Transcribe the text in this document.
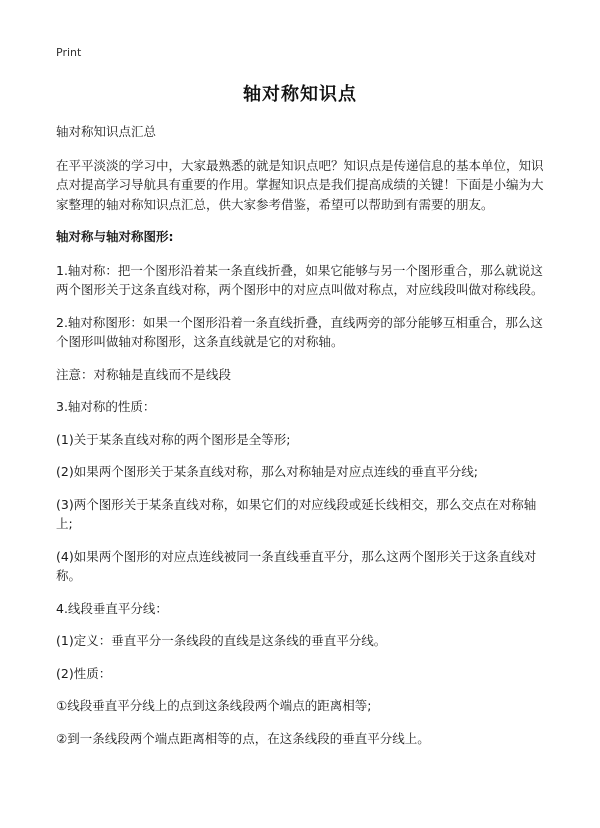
Print
轴对称知识点

轴对称知识点汇总

在平平淡淡的学习中，大家最熟悉的就是知识点吧？知识点是传递信息的基本单位，知识点对提高学习导航具有重要的作用。掌握知识点是我们提高成绩的关键！下面是小编为大家整理的轴对称知识点汇总，供大家参考借鉴，希望可以帮助到有需要的朋友。

轴对称与轴对称图形:

1.轴对称：把一个图形沿着某一条直线折叠，如果它能够与另一个图形重合，那么就说这两个图形关于这条直线对称，两个图形中的对应点叫做对称点，对应线段叫做对称线段。

2.轴对称图形：如果一个图形沿着一条直线折叠，直线两旁的部分能够互相重合，那么这个图形叫做轴对称图形，这条直线就是它的对称轴。

注意：对称轴是直线而不是线段

3.轴对称的性质：

(1)关于某条直线对称的两个图形是全等形;

(2)如果两个图形关于某条直线对称，那么对称轴是对应点连线的垂直平分线;

(3)两个图形关于某条直线对称，如果它们的对应线段或延长线相交，那么交点在对称轴上;

(4)如果两个图形的对应点连线被同一条直线垂直平分，那么这两个图形关于这条直线对称。

4.线段垂直平分线：

(1)定义：垂直平分一条线段的直线是这条线的垂直平分线。

(2)性质：

①线段垂直平分线上的点到这条线段两个端点的距离相等;

②到一条线段两个端点距离相等的点，在这条线段的垂直平分线上。
